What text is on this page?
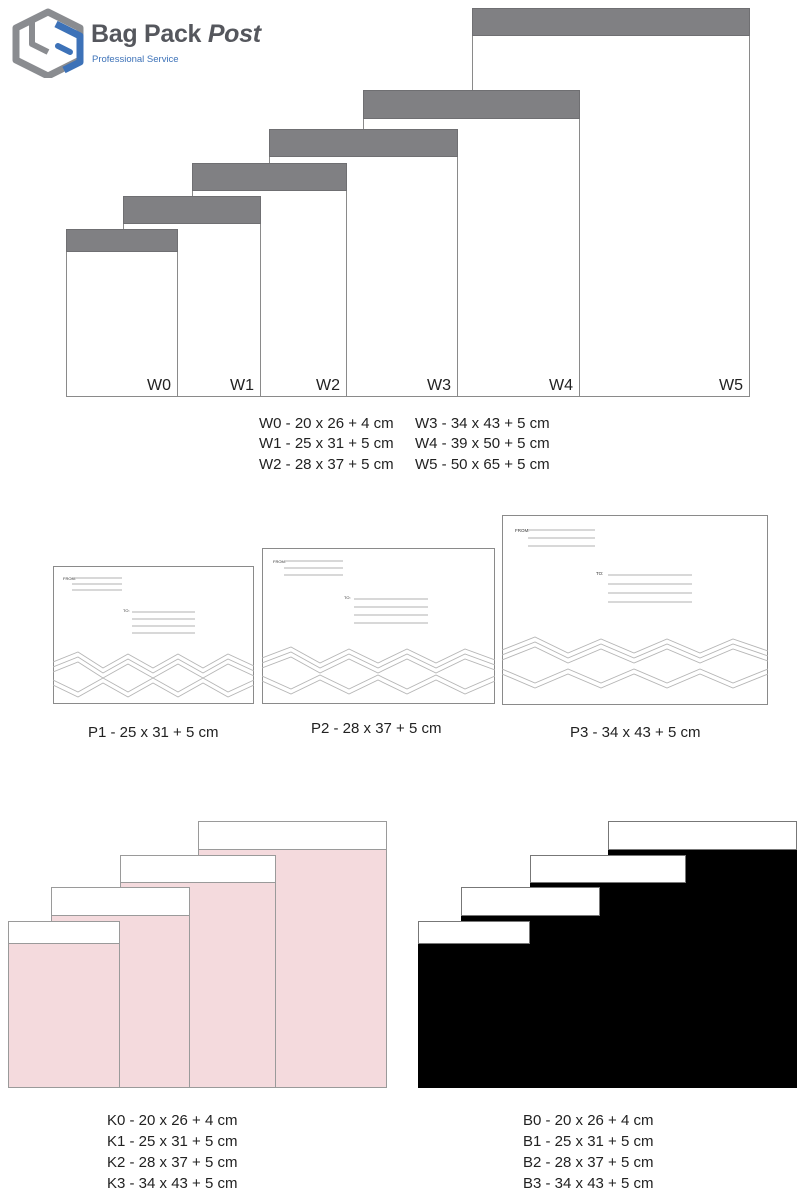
Bag Pack Post
Professional Service
W5
W4
W3
W2
W1
W0
W0 - 20 x 26 + 4 cm
W1 - 25 x 31 + 5 cm
W2 - 28 x 37 + 5 cm
W3 - 34 x 43 + 5 cm
W4 - 39 x 50 + 5 cm
W5 - 50 x 65 + 5 cm
FROM:
TO:
FROM:
TO:
FROM:
TO:
P1 - 25 x 31 + 5 cm	P2 - 28 x 37 + 5 cm	P3 - 34 x 43 + 5 cm
K0 - 20 x 26 + 4 cm
K1 - 25 x 31 + 5 cm
K2 - 28 x 37 + 5 cm
K3 - 34 x 43 + 5 cm
B0 - 20 x 26 + 4 cm
B1 - 25 x 31 + 5 cm
B2 - 28 x 37 + 5 cm
B3 - 34 x 43 + 5 cm
